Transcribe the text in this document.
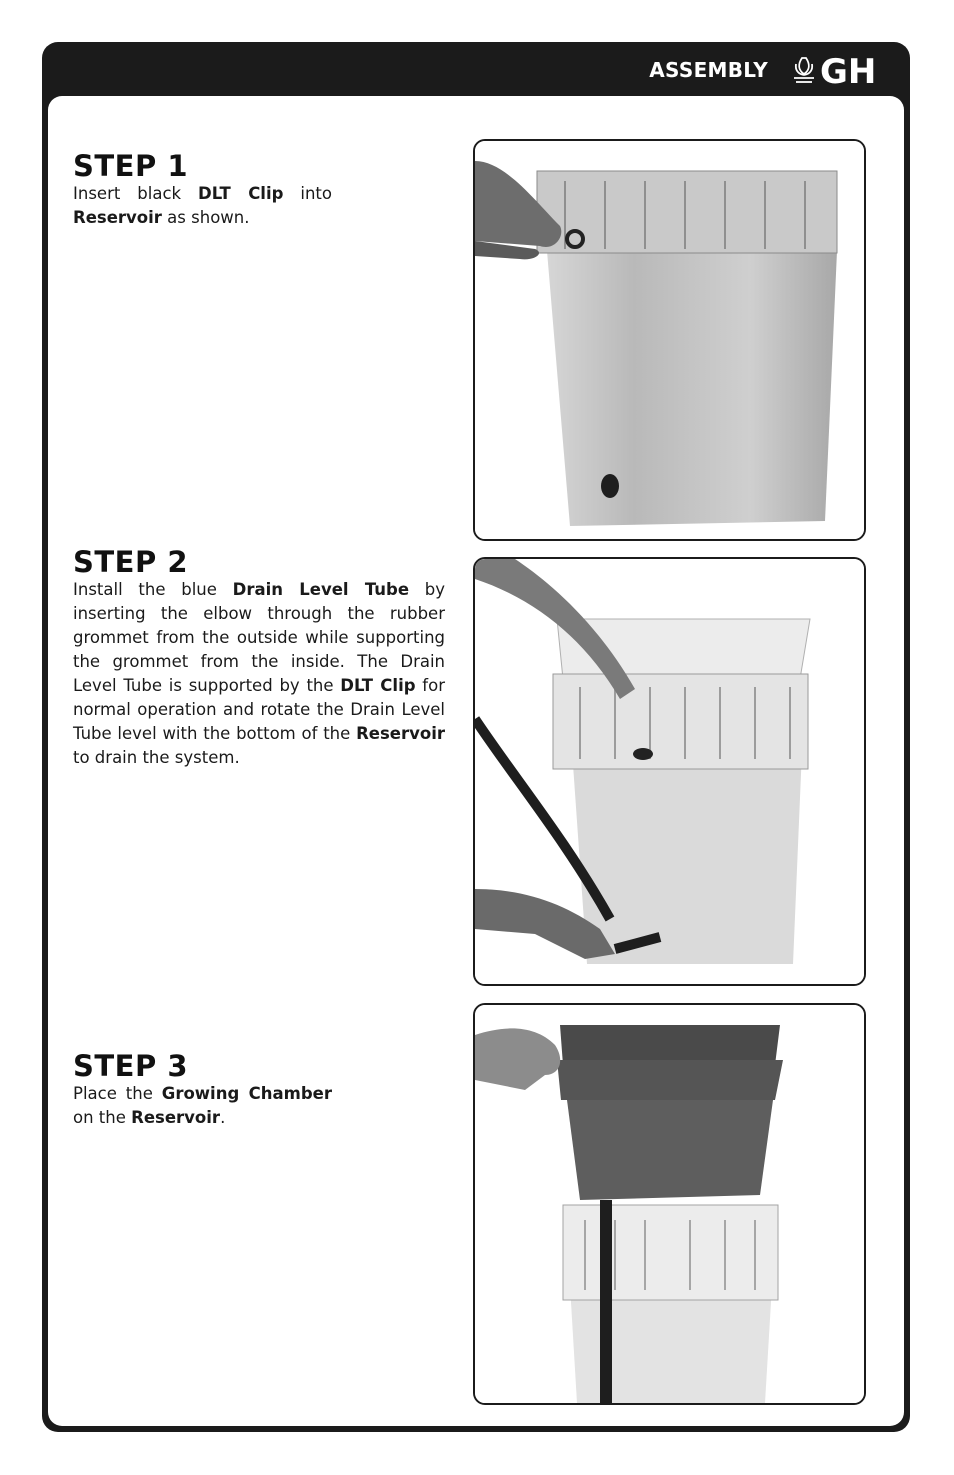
ASSEMBLY GH
STEP 1

Insert black DLT Clip into Reservoir as shown.

STEP 2

Install the blue Drain Level Tube by inserting the elbow through the rubber grommet from the outside while supporting the grommet from the inside. The Drain Level Tube is supported by the DLT Clip for normal operation and rotate the Drain Level Tube level with the bottom of the Reservoir to drain the system.

STEP 3

Place the Growing Chamber on the Reservoir.
